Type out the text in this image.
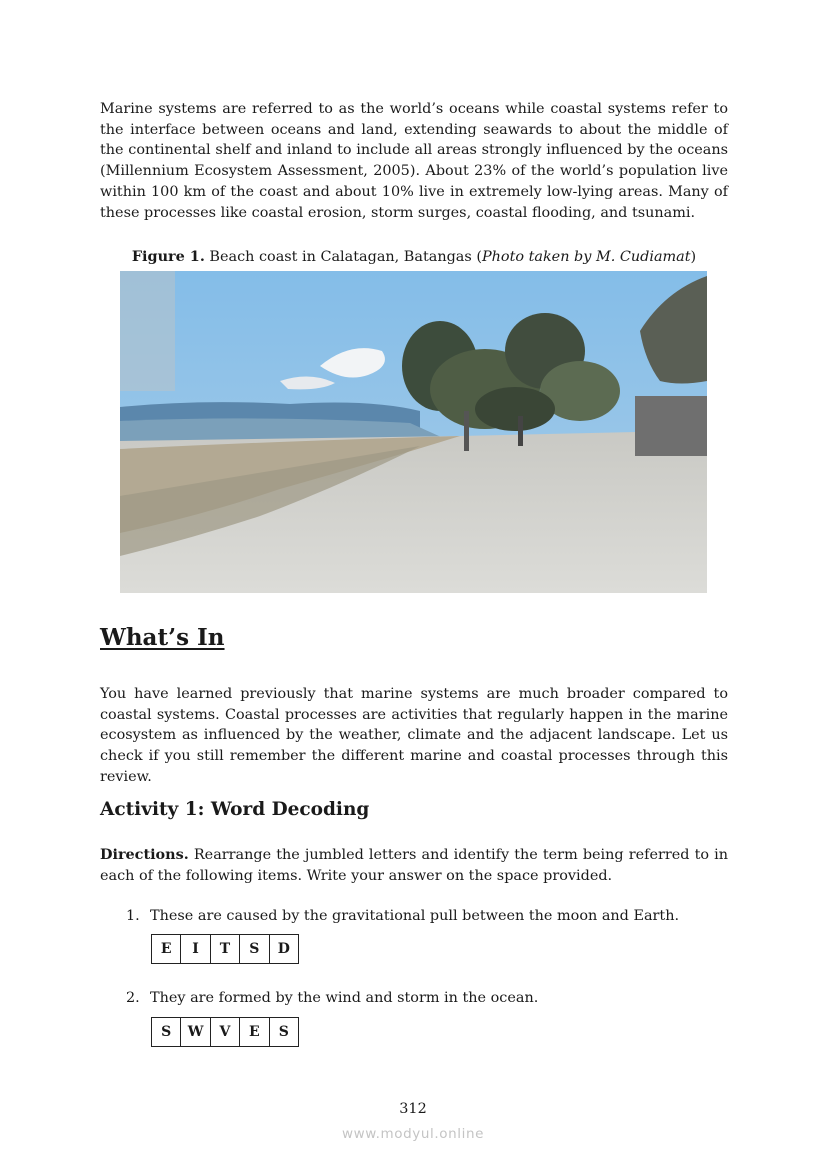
Marine systems are referred to as the world’s oceans while coastal systems refer to the interface between oceans and land, extending seawards to about the middle of the continental shelf and inland to include all areas strongly influenced by the oceans (Millennium Ecosystem Assessment, 2005). About 23% of the world’s population live within 100 km of the coast and about 10% live in extremely low-lying areas. Many of these processes like coastal erosion, storm surges, coastal flooding, and tsunami.

Figure 1. Beach coast in Calatagan, Batangas (Photo taken by M. Cudiamat)
What’s In

You have learned previously that marine systems are much broader compared to coastal systems. Coastal processes are activities that regularly happen in the marine ecosystem as influenced by the weather, climate and the adjacent landscape. Let us check if you still remember the different marine and coastal processes through this review.

Activity 1: Word Decoding

Directions. Rearrange the jumbled letters and identify the term being referred to in each of the following items. Write your answer on the space provided.

1. These are caused by the gravitational pull between the moon and Earth.
E	I	T	S	D
2. They are formed by the wind and storm in the ocean.
S	W	V	E	S
312
www.modyul.online
